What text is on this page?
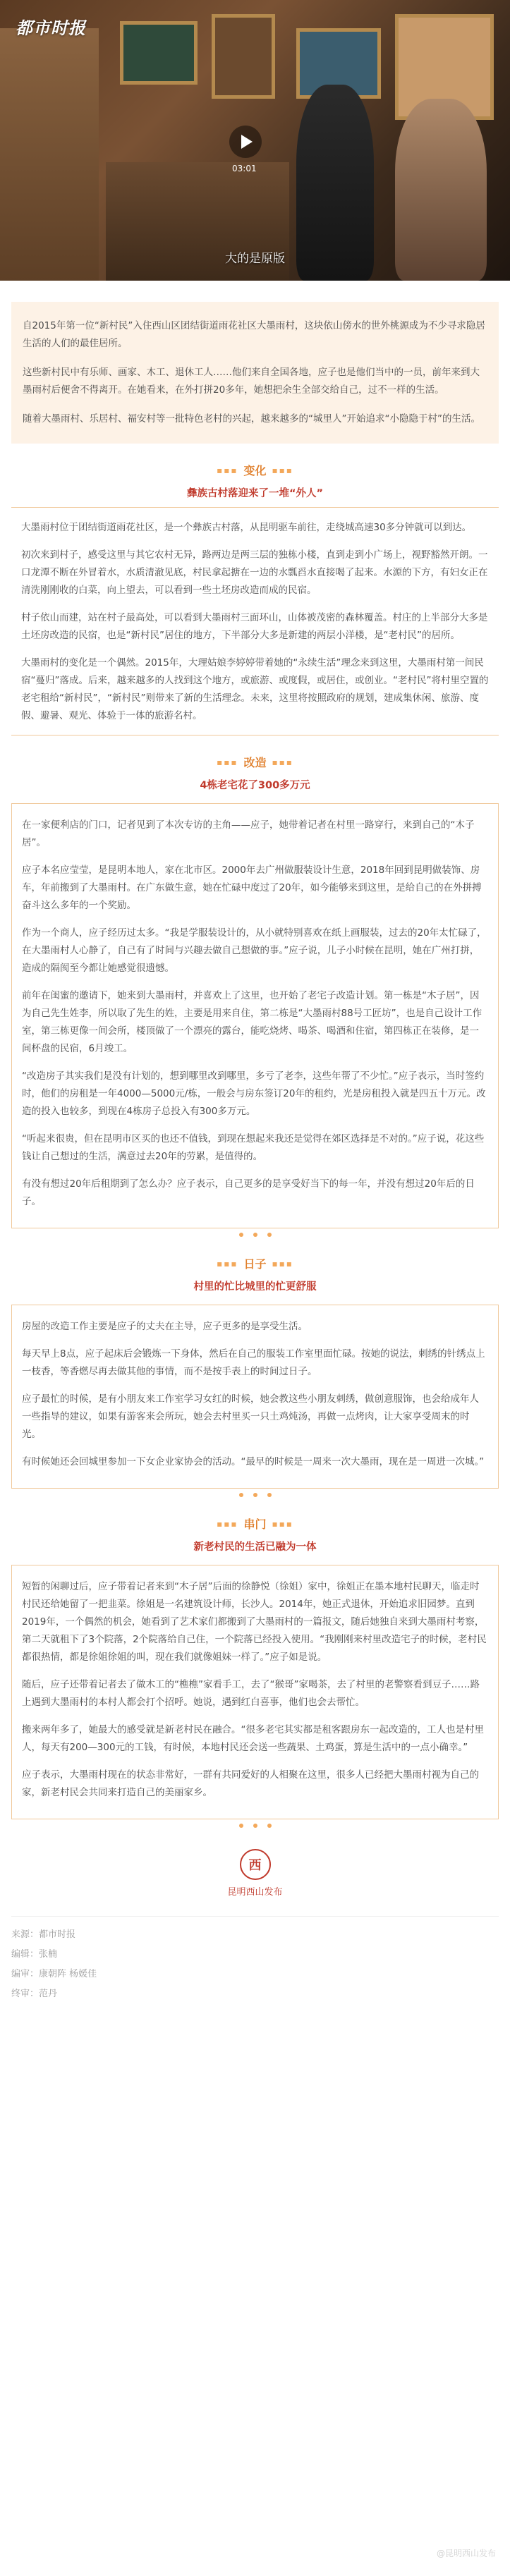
都市时报
03:01
大的是原版

自2015年第一位“新村民”入住西山区团结街道雨花社区大墨雨村，这块依山傍水的世外桃源成为不少寻求隐居生活的人们的最佳居所。

这些新村民中有乐师、画家、木工、退休工人……他们来自全国各地，应子也是他们当中的一员，前年来到大墨雨村后便舍不得离开。在她看来，在外打拼20多年，她想把余生全部交给自己，过不一样的生活。

随着大墨雨村、乐居村、福安村等一批特色老村的兴起，越来越多的“城里人”开始追求“小隐隐于村”的生活。

▪▪▪ 变化 ▪▪▪
彝族古村落迎来了一堆“外人”

大墨雨村位于团结街道雨花社区，是一个彝族古村落，从昆明驱车前往，走绕城高速30多分钟就可以到达。

初次来到村子，感受这里与其它农村无异，路两边是两三层的独栋小楼，直到走到小广场上，视野豁然开朗。一口龙潭不断在外冒着水，水质清澈见底，村民拿起搪在一边的水瓢舀水直接喝了起来。水源的下方，有妇女正在清洗刚刚收的白菜，向上望去，可以看到一些土坯房改造而成的民宿。

村子依山而建，站在村子最高处，可以看到大墨雨村三面环山，山体被茂密的森林覆盖。村庄的上半部分大多是土坯房改造的民宿，也是“新村民”居住的地方，下半部分大多是新建的两层小洋楼，是“老村民”的居所。

大墨雨村的变化是一个偶然。2015年，大理姑娘李婷婷带着她的“永续生活”理念来到这里，大墨雨村第一间民宿“蔓归”落成。后来，越来越多的人找到这个地方，或旅游、或度假，或居住，或创业。“老村民”将村里空置的老宅租给“新村民”，“新村民”则带来了新的生活理念。未来，这里将按照政府的规划，建成集休闲、旅游、度假、避暑、观光、体验于一体的旅游名村。

▪▪▪ 改造 ▪▪▪
4栋老宅花了300多万元

在一家便利店的门口，记者见到了本次专访的主角——应子，她带着记者在村里一路穿行，来到自己的“木子居”。

应子本名应莹莹，是昆明本地人，家在北市区。2000年去广州做服装设计生意，2018年回到昆明做装饰、房车，年前搬到了大墨雨村。在广东做生意，她在忙碌中度过了20年，如今能够来到这里，是给自己的在外拼搏奋斗这么多年的一个奖励。

作为一个商人，应子经历过太多。“我是学服装设计的，从小就特别喜欢在纸上画服装，过去的20年太忙碌了，在大墨雨村人心静了，自己有了时间与兴趣去做自己想做的事。”应子说，儿子小时候在昆明，她在广州打拼，造成的隔阂至今都让她感觉很遗憾。

前年在闺蜜的邀请下，她来到大墨雨村，并喜欢上了这里，也开始了老宅子改造计划。第一栋是“木子居”，因为自己先生姓李，所以取了先生的姓，主要是用来自住，第二栋是“大墨雨村88号工匠坊”，也是自己设计工作室，第三栋更像一间会所，楼顶做了一个漂亮的露台，能吃烧烤、喝茶、喝酒和住宿，第四栋正在装修，是一间杯盘的民宿，6月竣工。

“改造房子其实我们是没有计划的，想到哪里改到哪里，多亏了老李，这些年帮了不少忙。”应子表示，当时签约时，他们的房租是一年4000—5000元/栋，一般会与房东签订20年的租约，光是房租投入就是四五十万元。改造的投入也较多，到现在4栋房子总投入有300多万元。

“听起来很贵，但在昆明市区买的也还不值钱，到现在想起来我还是觉得在郊区选择是不对的。”应子说，花这些钱让自己想过的生活，满意过去20年的劳累，是值得的。

有没有想过20年后租期到了怎么办？应子表示，自己更多的是享受好当下的每一年，并没有想过20年后的日子。

▪▪▪ 日子 ▪▪▪
村里的忙比城里的忙更舒服

房屋的改造工作主要是应子的丈夫在主导，应子更多的是享受生活。

每天早上8点，应子起床后会锻炼一下身体，然后在自己的服装工作室里面忙碌。按她的说法，刺绣的针绣点上一枝香，等香燃尽再去做其他的事情，而不是按手表上的时间过日子。

应子最忙的时候，是有小朋友来工作室学习女红的时候，她会教这些小朋友刺绣，做创意服饰，也会给成年人一些指导的建议，如果有游客来会所玩，她会去村里买一只土鸡炖汤，再做一点烤肉，让大家享受周末的时光。

有时候她还会回城里参加一下女企业家协会的活动。“最早的时候是一周来一次大墨雨，现在是一周进一次城。”

▪▪▪ 串门 ▪▪▪
新老村民的生活已融为一体

短暂的闲聊过后，应子带着记者来到“木子居”后面的徐静悦（徐姐）家中，徐姐正在墨本地村民聊天，临走时村民还给她留了一把韭菜。徐姐是一名建筑设计师，长沙人。2014年，她正式退休，开始追求旧园梦。直到2019年，一个偶然的机会，她看到了艺术家们都搬到了大墨雨村的一篇报文，随后她独自来到大墨雨村考察，第二天就租下了3个院落，2个院落给自己住，一个院落已经投入使用。“我刚刚来村里改造宅子的时候，老村民都很热情，都是徐姐徐姐的叫，现在我们就像姐妹一样了。”应子如是说。

随后，应子还带着记者去了做木工的“樵樵”家看手工，去了“猴哥”家喝茶，去了村里的老警察看到豆子……路上遇到大墨雨村的本村人都会打个招呼。她说，遇到红白喜事，他们也会去帮忙。

搬来两年多了，她最大的感受就是新老村民在融合。“很多老宅其实都是租客跟房东一起改造的，工人也是村里人，每天有200—300元的工钱，有时候，本地村民还会送一些蔬果、土鸡蛋，算是生活中的一点小确幸。”

应子表示，大墨雨村现在的状态非常好，一群有共同爱好的人相聚在这里，很多人已经把大墨雨村视为自己的家，新老村民会共同来打造自己的美丽家乡。

西
昆明西山发布
来源：都市时报
编辑：张楠
编审：康朝阵 杨媛佳
终审：范丹
@昆明西山发布
